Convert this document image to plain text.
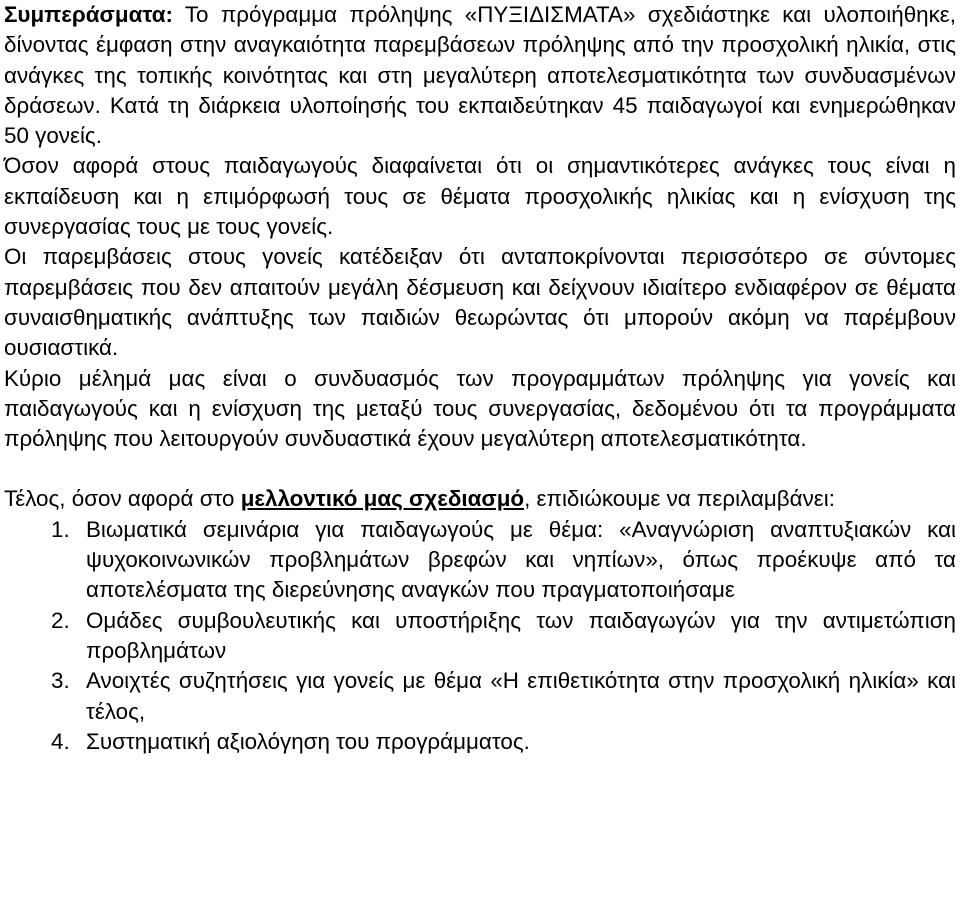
Συμπεράσματα: Το πρόγραμμα πρόληψης «ΠΥΞΙΔΙΣΜΑΤΑ» σχεδιάστηκε και υλοποιήθηκε, δίνοντας έμφαση στην αναγκαιότητα παρεμβάσεων πρόληψης από την προσχολική ηλικία, στις ανάγκες της τοπικής κοινότητας και στη μεγαλύτερη αποτελεσματικότητα των συνδυασμένων δράσεων. Κατά τη διάρκεια υλοποίησής του εκπαιδεύτηκαν 45 παιδαγωγοί και ενημερώθηκαν 50 γονείς.

Όσον αφορά στους παιδαγωγούς διαφαίνεται ότι οι σημαντικότερες ανάγκες τους είναι η εκπαίδευση και η επιμόρφωσή τους σε θέματα προσχολικής ηλικίας και η ενίσχυση της συνεργασίας τους με τους γονείς.

Οι παρεμβάσεις στους γονείς κατέδειξαν ότι ανταποκρίνονται περισσότερο σε σύντομες παρεμβάσεις που δεν απαιτούν μεγάλη δέσμευση και δείχνουν ιδιαίτερο ενδιαφέρον σε θέματα συναισθηματικής ανάπτυξης των παιδιών θεωρώντας ότι μπορούν ακόμη να παρέμβουν ουσιαστικά.

Κύριο μέλημά μας είναι ο συνδυασμός των προγραμμάτων πρόληψης για γονείς και παιδαγωγούς και η ενίσχυση της μεταξύ τους συνεργασίας, δεδομένου ότι τα προγράμματα πρόληψης που λειτουργούν συνδυαστικά έχουν μεγαλύτερη αποτελεσματικότητα.

Τέλος, όσον αφορά στο μελλοντικό μας σχεδιασμό, επιδιώκουμε να περιλαμβάνει:

1. Βιωματικά σεμινάρια για παιδαγωγούς με θέμα: «Αναγνώριση αναπτυξιακών και ψυχοκοινωνικών προβλημάτων βρεφών και νηπίων», όπως προέκυψε από τα αποτελέσματα της διερεύνησης αναγκών που πραγματοποιήσαμε
2. Ομάδες συμβουλευτικής και υποστήριξης των παιδαγωγών για την αντιμετώπιση προβλημάτων
3. Ανοιχτές συζητήσεις για γονείς με θέμα «Η επιθετικότητα στην προσχολική ηλικία» και τέλος,
4. Συστηματική αξιολόγηση του προγράμματος.
